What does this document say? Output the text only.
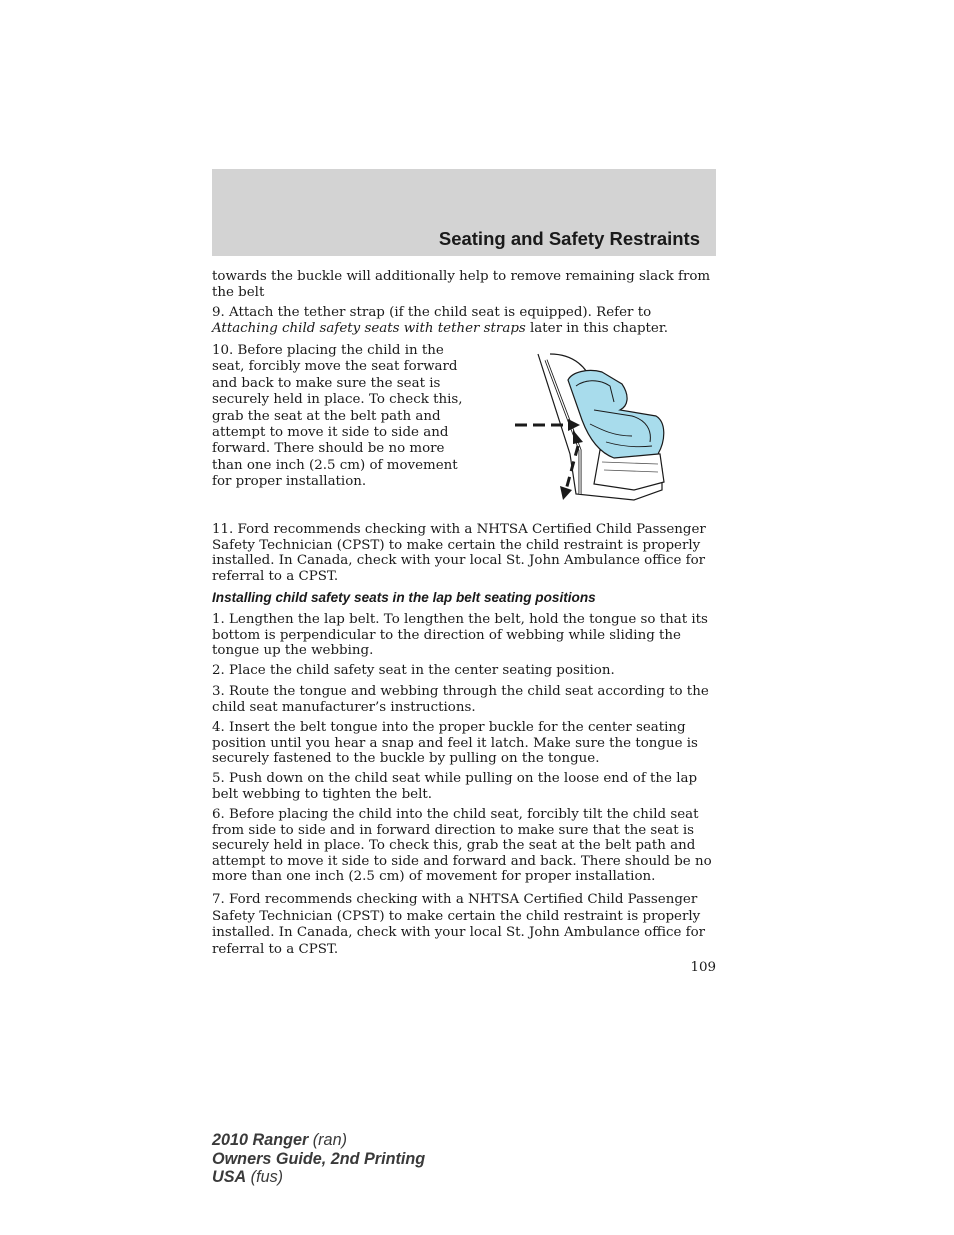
Seating and Safety Restraints

towards the buckle will additionally help to remove remaining slack from the belt

9. Attach the tether strap (if the child seat is equipped). Refer to
Attaching child safety seats with tether straps later in this chapter.

10. Before placing the child in the seat, forcibly move the seat forward and back to make sure the seat is securely held in place. To check this, grab the seat at the belt path and attempt to move it side to side and forward. There should be no more than one inch (2.5 cm) of movement for proper installation.

11. Ford recommends checking with a NHTSA Certified Child Passenger Safety Technician (CPST) to make certain the child restraint is properly installed. In Canada, check with your local St. John Ambulance office for referral to a CPST.

Installing child safety seats in the lap belt seating positions

1. Lengthen the lap belt. To lengthen the belt, hold the tongue so that its bottom is perpendicular to the direction of webbing while sliding the tongue up the webbing.

2. Place the child safety seat in the center seating position.

3. Route the tongue and webbing through the child seat according to the child seat manufacturer’s instructions.

4. Insert the belt tongue into the proper buckle for the center seating position until you hear a snap and feel it latch. Make sure the tongue is securely fastened to the buckle by pulling on the tongue.

5. Push down on the child seat while pulling on the loose end of the lap belt webbing to tighten the belt.

6. Before placing the child into the child seat, forcibly tilt the child seat from side to side and in forward direction to make sure that the seat is securely held in place. To check this, grab the seat at the belt path and attempt to move it side to side and forward and back. There should be no more than one inch (2.5 cm) of movement for proper installation.

7. Ford recommends checking with a NHTSA Certified Child Passenger Safety Technician (CPST) to make certain the child restraint is properly installed. In Canada, check with your local St. John Ambulance office for referral to a CPST.

109
2010 Ranger (ran)
Owners Guide, 2nd Printing
USA (fus)
